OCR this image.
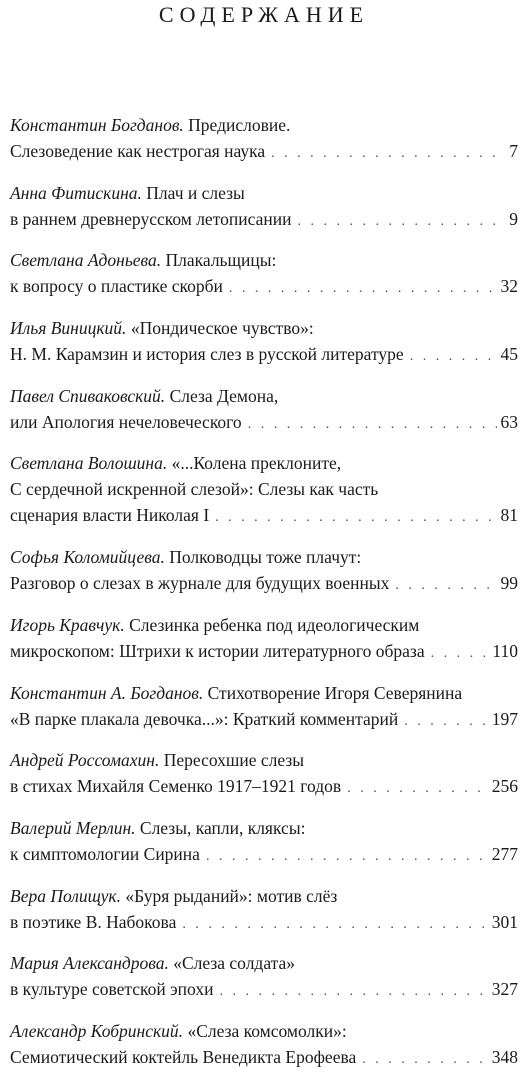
СОДЕРЖАНИЕ
Константин Богданов. Предисловие.
Слезоведение как нестрогая наука . . .	7
Анна Фитискина. Плач и слезы
в раннем древнерусском летописании . . .	9
Светлана Адоньева. Плакальщицы:
к вопросу о пластике скорби . . .	32
Илья Виницкий. «Пондическое чувство»:
Н. М. Карамзин и история слез в русской литературе . . .	45
Павел Спиваковский. Слеза Демона,
или Апология нечеловеческого . . .	63
Светлана Волошина. «...Колена преклоните,
С сердечной искренной слезой»: Слезы как часть
сценария власти Николая I . . .	81
Софья Коломийцева. Полководцы тоже плачут:
Разговор о слезах в журнале для будущих военных . . .	99
Игорь Кравчук. Слезинка ребенка под идеологическим
микроскопом: Штрихи к истории литературного образа . . .	110
Константин А. Богданов. Стихотворение Игоря Северянина
«В парке плакала девочка...»: Краткий комментарий . . .	197
Андрей Россомахин. Пересохшие слезы
в стихах Михайля Семенко 1917–1921 годов . . .	256
Валерий Мерлин. Слезы, капли, кляксы:
к симптомологии Сирина . . .	277
Вера Полищук. «Буря рыданий»: мотив слёз
в поэтике В. Набокова . . .	301
Мария Александрова. «Слеза солдата»
в культуре советской эпохи . . .	327
Александр Кобринский. «Слеза комсомолки»:
Семиотический коктейль Венедикта Ерофеева . . .	348
